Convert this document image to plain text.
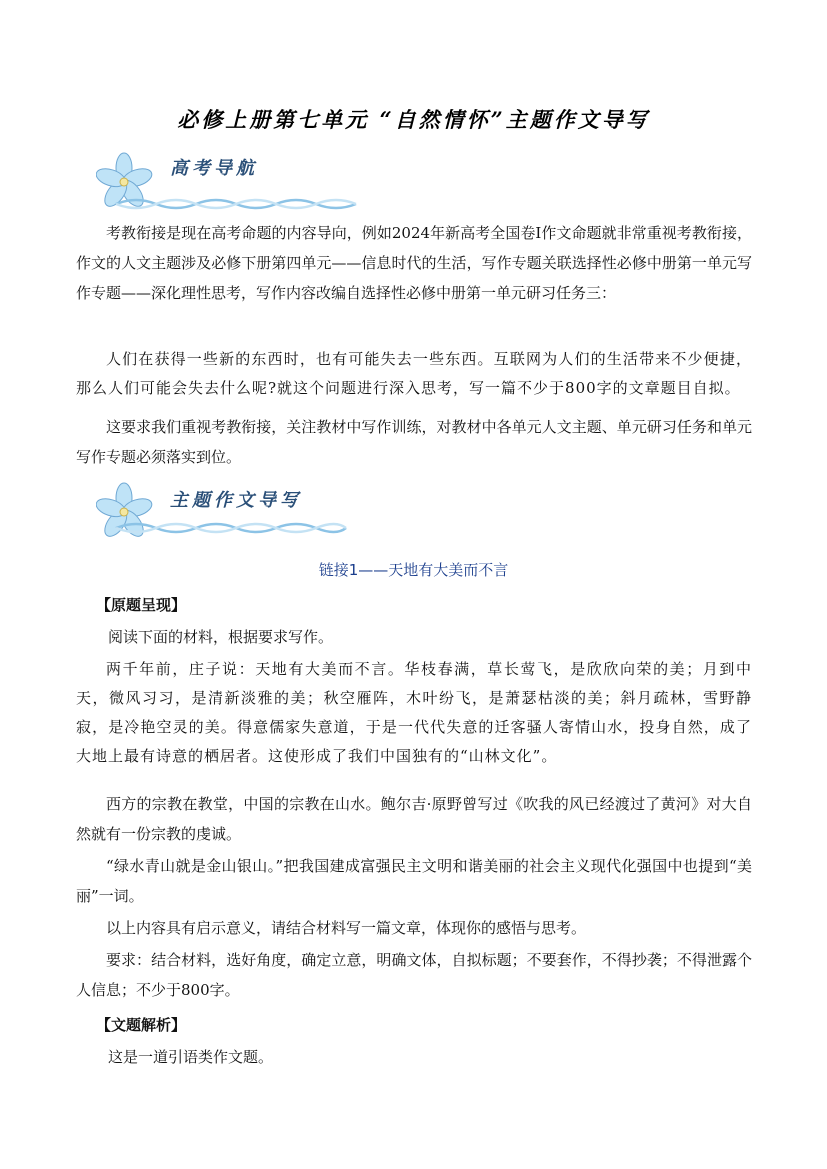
必修上册第七单元 “自然情怀”主题作文导写
高考导航

考教衔接是现在高考命题的内容导向，例如2024年新高考全国卷Ⅰ作文命题就非常重视考教衔接，作文的人文主题涉及必修下册第四单元——信息时代的生活，写作专题关联选择性必修中册第一单元写作专题——深化理性思考，写作内容改编自选择性必修中册第一单元研习任务三：

人们在获得一些新的东西时，也有可能失去一些东西。互联网为人们的生活带来不少便捷，那么人们可能会失去什么呢?就这个问题进行深入思考，写一篇不少于800字的文章题目自拟。

这要求我们重视考教衔接，关注教材中写作训练，对教材中各单元人文主题、单元研习任务和单元写作专题必须落实到位。

主题作文导写
链接1——天地有大美而不言
【原题呈现】
阅读下面的材料，根据要求写作。

两千年前，庄子说：天地有大美而不言。华枝春满，草长莺飞，是欣欣向荣的美；月到中天，微风习习，是清新淡雅的美；秋空雁阵，木叶纷飞，是萧瑟枯淡的美；斜月疏林，雪野静寂，是冷艳空灵的美。得意儒家失意道，于是一代代失意的迁客骚人寄情山水，投身自然，成了大地上最有诗意的栖居者。这使形成了我们中国独有的“山林文化”。

西方的宗教在教堂，中国的宗教在山水。鲍尔吉·原野曾写过《吹我的风已经渡过了黄河》对大自然就有一份宗教的虔诚。

“绿水青山就是金山银山。”把我国建成富强民主文明和谐美丽的社会主义现代化强国中也提到“美丽”一词。

以上内容具有启示意义，请结合材料写一篇文章，体现你的感悟与思考。

要求：结合材料，选好角度，确定立意，明确文体，自拟标题；不要套作，不得抄袭；不得泄露个人信息；不少于800字。

【文题解析】
这是一道引语类作文题。
